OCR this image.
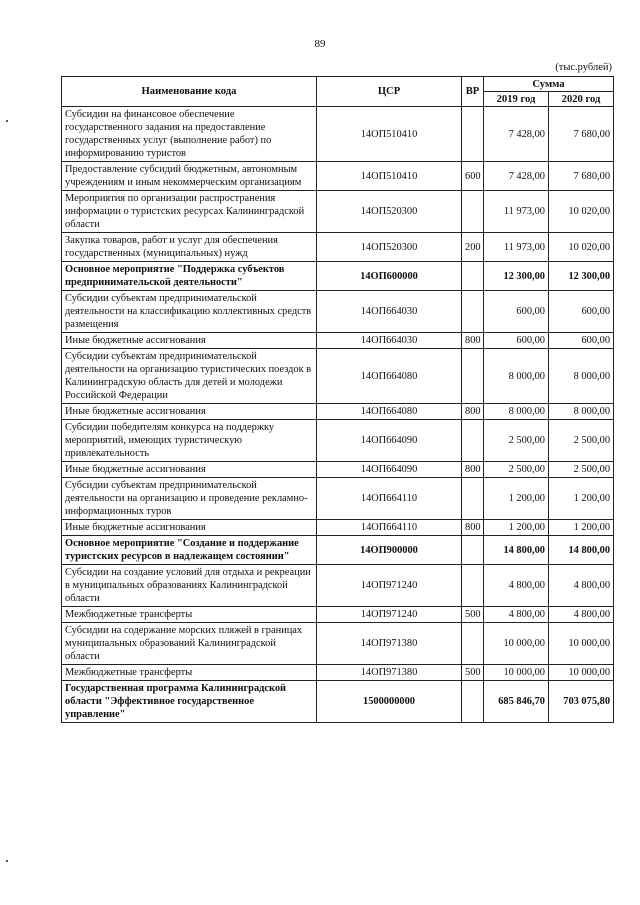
89
(тыс.рублей)
Наименование кода	ЦСР	ВР	Сумма	
			2019 год	2020 год
Субсидии на финансовое обеспечение государственного задания на предоставление государственных услуг (выполнение работ) по информированию туристов	14ОП510410		7 428,00	7 680,00
Предоставление субсидий бюджетным, автономным учреждениям и иным некоммерческим организациям	14ОП510410	600	7 428,00	7 680,00
Мероприятия по организации распространения информации о туристских ресурсах Калининградской области	14ОП520300		11 973,00	10 020,00
Закупка товаров, работ и услуг для обеспечения государственных (муниципальных) нужд	14ОП520300	200	11 973,00	10 020,00
Основное мероприятие "Поддержка субъектов предпринимательской деятельности"	14ОП600000		12 300,00	12 300,00
Субсидии субъектам предпринимательской деятельности на классификацию коллективных средств размещения	14ОП664030		600,00	600,00
Иные бюджетные ассигнования	14ОП664030	800	600,00	600,00
Субсидии субъектам предпринимательской деятельности на организацию туристических поездок в Калининградскую область для детей и молодежи Российской Федерации	14ОП664080		8 000,00	8 000,00
Иные бюджетные ассигнования	14ОП664080	800	8 000,00	8 000,00
Субсидии победителям конкурса на поддержку мероприятий, имеющих туристическую привлекательность	14ОП664090		2 500,00	2 500,00
Иные бюджетные ассигнования	14ОП664090	800	2 500,00	2 500,00
Субсидии субъектам предпринимательской деятельности на организацию и проведение рекламно-информационных туров	14ОП664110		1 200,00	1 200,00
Иные бюджетные ассигнования	14ОП664110	800	1 200,00	1 200,00
Основное мероприятие "Создание и поддержание туристских ресурсов в надлежащем состоянии"	14ОП900000		14 800,00	14 800,00
Субсидии на создание условий для отдыха и рекреации в муниципальных образованиях Калининградской области	14ОП971240		4 800,00	4 800,00
Межбюджетные трансферты	14ОП971240	500	4 800,00	4 800,00
Субсидии на содержание морских пляжей в границах муниципальных образований Калининградской области	14ОП971380		10 000,00	10 000,00
Межбюджетные трансферты	14ОП971380	500	10 000,00	10 000,00
Государственная программа Калининградской области "Эффективное государственное управление"	1500000000		685 846,70	703 075,80
